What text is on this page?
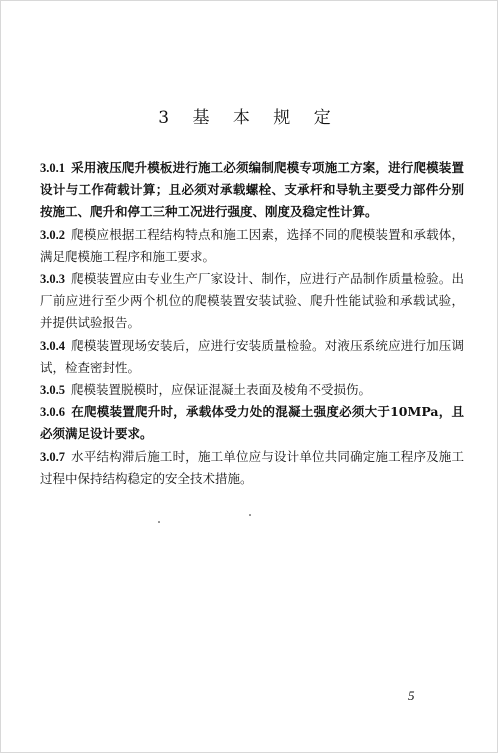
3 基 本 规 定

3.0.1 采用液压爬升模板进行施工必须编制爬模专项施工方案，进行爬模装置设计与工作荷载计算；且必须对承载螺栓、支承杆和导轨主要受力部件分别按施工、爬升和停工三种工况进行强度、刚度及稳定性计算。

3.0.2 爬模应根据工程结构特点和施工因素，选择不同的爬模装置和承载体，满足爬模施工程序和施工要求。

3.0.3 爬模装置应由专业生产厂家设计、制作，应进行产品制作质量检验。出厂前应进行至少两个机位的爬模装置安装试验、爬升性能试验和承载试验，并提供试验报告。

3.0.4 爬模装置现场安装后，应进行安装质量检验。对液压系统应进行加压调试，检查密封性。

3.0.5 爬模装置脱模时，应保证混凝土表面及棱角不受损伤。

3.0.6 在爬模装置爬升时，承载体受力处的混凝土强度必须大于10MPa，且必须满足设计要求。

3.0.7 水平结构滞后施工时，施工单位应与设计单位共同确定施工程序及施工过程中保持结构稳定的安全技术措施。

5
